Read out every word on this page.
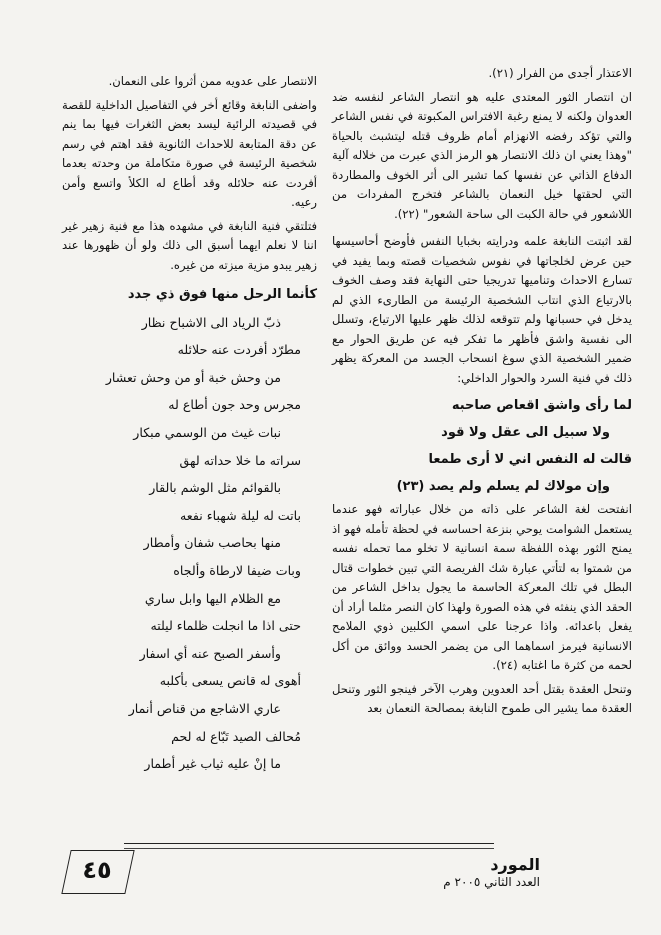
الاعتذار أجدى من الفرار (٢١).

ان انتصار الثور المعتدى عليه هو انتصار الشاعر لنفسه ضد العدوان ولكنه لا يمنع رغبة الافتراس المكبوتة في نفس الشاعر والتي تؤكد رفضه الانهزام أمام ظروف قتله ليتشبث بالحياة "وهذا يعني ان ذلك الانتصار هو الرمز الذي عبرت من خلاله آلية الدفاع الذاتي عن نفسها كما تشير الى أثر الخوف والمطاردة التي لحقتها خيل النعمان بالشاعر فتخرج المفردات من اللاشعور في حالة الكبت الى ساحة الشعور" (٢٢).

لقد اثبتت النابغة علمه ودرايته بخبايا النفس فأوضح أحاسيسها حين عرض لخلجاتها في نفوس شخصيات قصته وبما يفيد في تسارع الاحداث وتناميها تدريجيا حتى النهاية فقد وصف الخوف بالارتياع الذي انتاب الشخصية الرئيسة من الطارىء الذي لم يدخل في حسبانها ولم تتوقعه لذلك ظهر عليها الارتياع، وتسلل الى نفسية واشق فأظهر ما تفكر فيه عن طريق الحوار مع ضمير الشخصية الذي سوغ انسحاب الجسد من المعركة يظهر ذلك في فنية السرد والحوار الداخلي:

لما رأى واشق اقعاص صاحبه
ولا سبيل الى عقل ولا قود
قالت له النفس اني لا أرى طمعا
وإن مولاك لم يسلم ولم يصد (٢٣)

انفتحت لغة الشاعر على ذاته من خلال عباراته فهو عندما يستعمل الشوامت يوحي بنزعة احساسه في لحظة تأمله فهو اذ يمنح الثور بهذه اللفظة سمة انسانية لا تخلو مما تحمله نفسه من شمتوا به لتأتي عبارة شك الفريصة التي تبين خطوات قتال البطل في تلك المعركة الحاسمة ما يجول بداخل الشاعر من الحقد الذي ينفثه في هذه الصورة ولهذا كان النصر مثلما أراد أن يفعل باعدائه. واذا عرجنا على اسمي الكلبين ذوي الملامح الانسانية فيرمز اسماهما الى من يضمر الحسد ووائق من أكل لحمه من كثرة ما اغتابه (٢٤).

وتنحل العقدة بقتل أحد العدوين وهرب الآخر فينجو الثور وتنحل العقدة مما يشير الى طموح النابغة بمصالحة النعمان بعد

الانتصار على عدويه ممن أثروا على النعمان.

واضفى النابغة وقائع أخر في التفاصيل الداخلية للقصة في قصيدته الرائية ليسد بعض الثغرات فيها بما ينم عن دقة المتابعة للاحداث الثانوية فقد اهتم في رسم شخصية الرئيسة في صورة متكاملة من وحدته بعدما أفردت عنه حلائله وقد أطاع له الكلأ واتسع وأمن رعيه.

فتلتقي فنية النابغة في مشهده هذا مع فنية زهير غير اننا لا نعلم ايهما أسبق الى ذلك ولو أن ظهورها عند زهير يبدو مزية ميزته من غيره.

كأنما الرحل منها فوق ذي جدد
ذبّ الرياد الى الاشباح نظار
مطرّد أفردت عنه حلائله
من وحش خبة أو من وحش تعشار
مجرس وحد جون أطاع له
نبات غيث من الوسمي مبكار
سراته ما خلا حداته لهق
بالقوائم مثل الوشم بالقار
باتت له ليلة شهباء نفعه
منها بحاصب شفان وأمطار
وبات ضيفا لارطاة وألجاه
مع الظلام اليها وابل ساري
حتى اذا ما انجلت ظلماء ليلته
وأسفر الصبح عنه أي اسفار
أهوى له قانص يسعى بأكلبه
عاري الاشاجع من قناص أنمار
مُحالف الصيد تَبّاع له لحم
ما إنْ عليه ثياب غير أطمار
٤٥	المورد
العدد الثاني ٢٠٠٥ م
